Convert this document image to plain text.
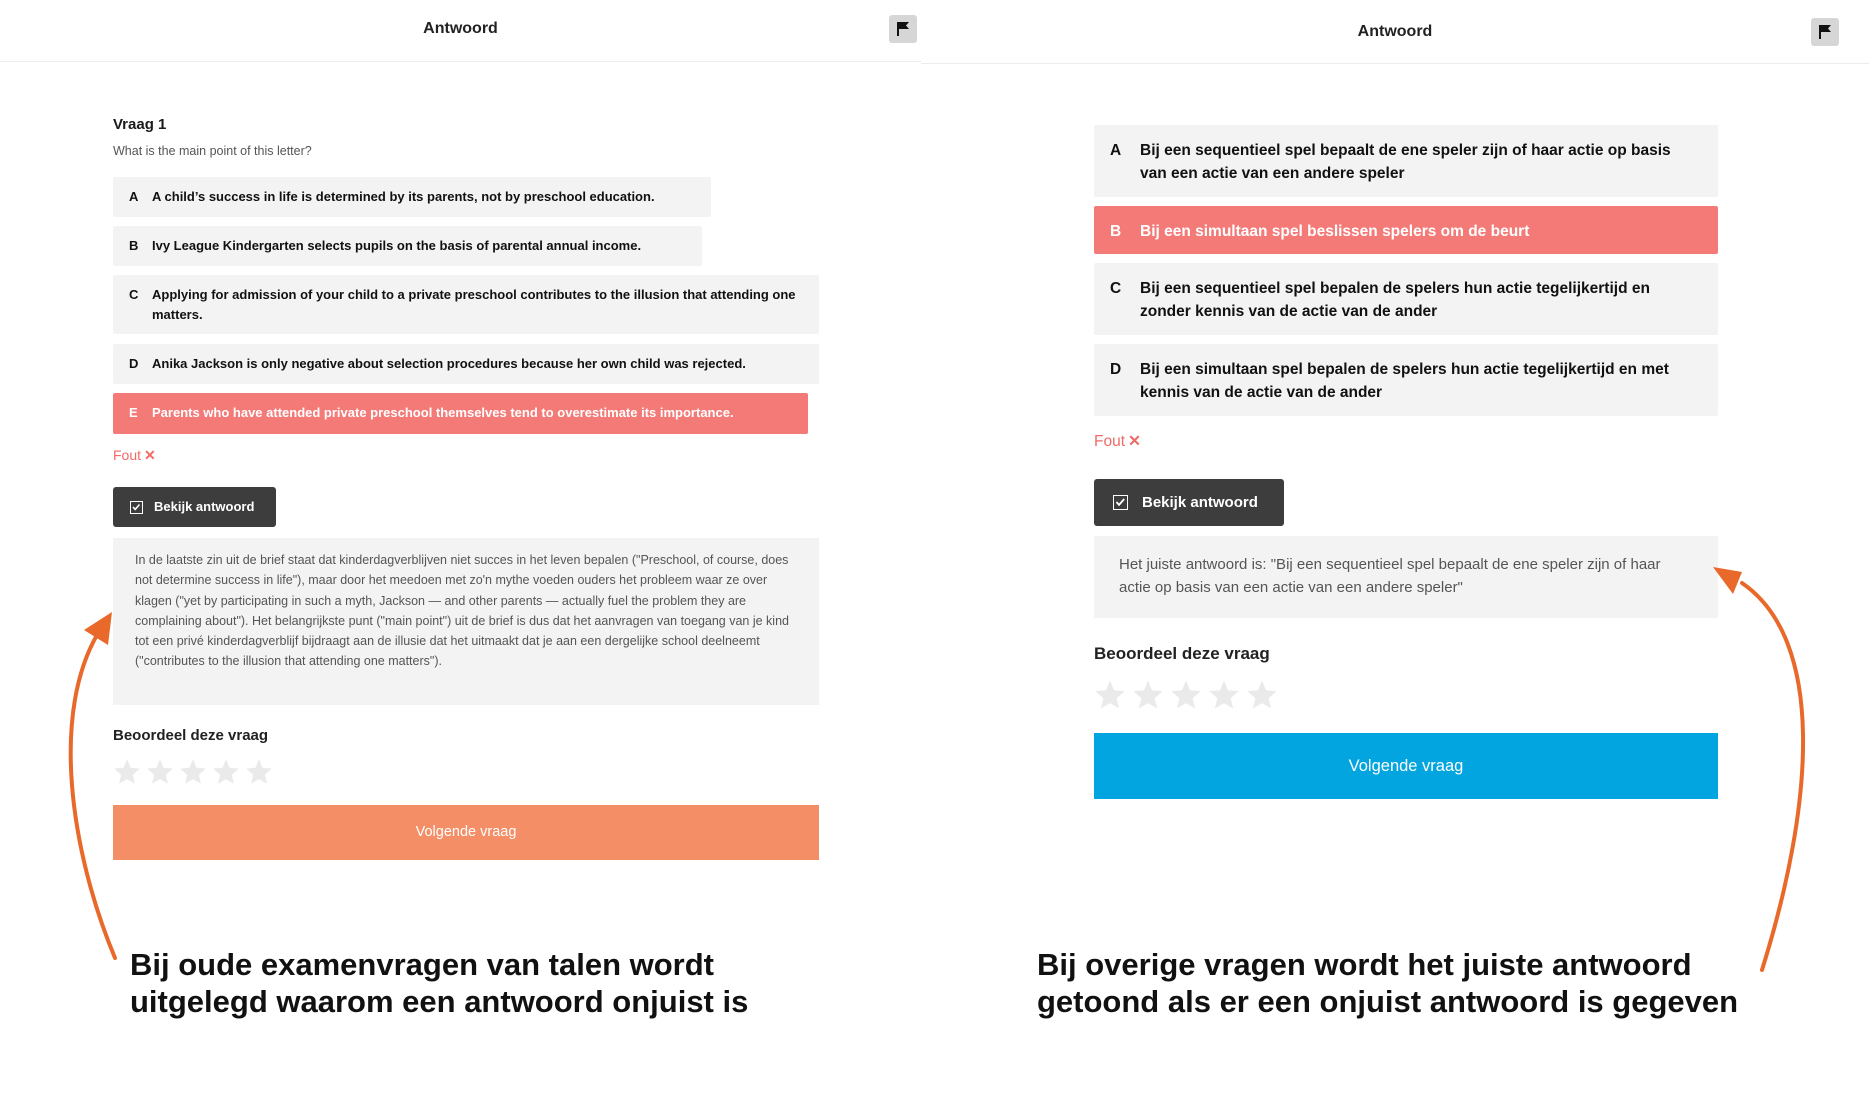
Antwoord
Vraag 1
What is the main point of this letter?
A A child’s success in life is determined by its parents, not by preschool education.
B Ivy League Kindergarten selects pupils on the basis of parental annual income.
C Applying for admission of your child to a private preschool contributes to the illusion that attending one matters.
D Anika Jackson is only negative about selection procedures because her own child was rejected.
E Parents who have attended private preschool themselves tend to overestimate its importance.
Fout ✕
Bekijk antwoord
In de laatste zin uit de brief staat dat kinderdagverblijven niet succes in het leven bepalen ("Preschool, of course, does not determine success in life"), maar door het meedoen met zo'n mythe voeden ouders het probleem waar ze over klagen ("yet by participating in such a myth, Jackson — and other parents — actually fuel the problem they are complaining about"). Het belangrijkste punt ("main point") uit de brief is dus dat het aanvragen van toegang van je kind tot een privé kinderdagverblijf bijdraagt aan de illusie dat het uitmaakt dat je aan een dergelijke school deelneemt ("contributes to the illusion that attending one matters").
Beoordeel deze vraag
Volgende vraag
Bij oude examenvragen van talen wordt uitgelegd waarom een antwoord onjuist is
Antwoord
A Bij een sequentieel spel bepaalt de ene speler zijn of haar actie op basis van een actie van een andere speler
B Bij een simultaan spel beslissen spelers om de beurt
C Bij een sequentieel spel bepalen de spelers hun actie tegelijkertijd en zonder kennis van de actie van de ander
D Bij een simultaan spel bepalen de spelers hun actie tegelijkertijd en met kennis van de actie van de ander
Fout ✕
Bekijk antwoord
Het juiste antwoord is: "Bij een sequentieel spel bepaalt de ene speler zijn of haar actie op basis van een actie van een andere speler"
Beoordeel deze vraag
Volgende vraag
Bij overige vragen wordt het juiste antwoord getoond als er een onjuist antwoord is gegeven
